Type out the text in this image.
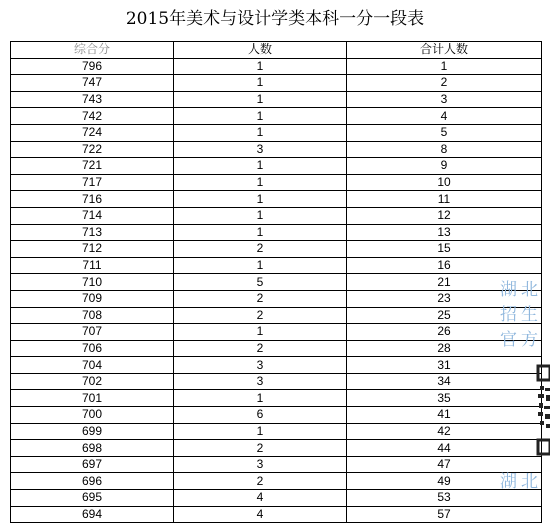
2015年美术与设计学类本科一分一段表
综合分	人数	合计人数
796	1	1
747	1	2
743	1	3
742	1	4
724	1	5
722	3	8
721	1	9
717	1	10
716	1	11
714	1	12
713	1	13
712	2	15
711	1	16
710	5	21
709	2	23
708	2	25
707	1	26
706	2	28
704	3	31
702	3	34
701	1	35
700	6	41
699	1	42
698	2	44
697	3	47
696	2	49
695	4	53
694	4	57
湖北
招生
官方
湖北
